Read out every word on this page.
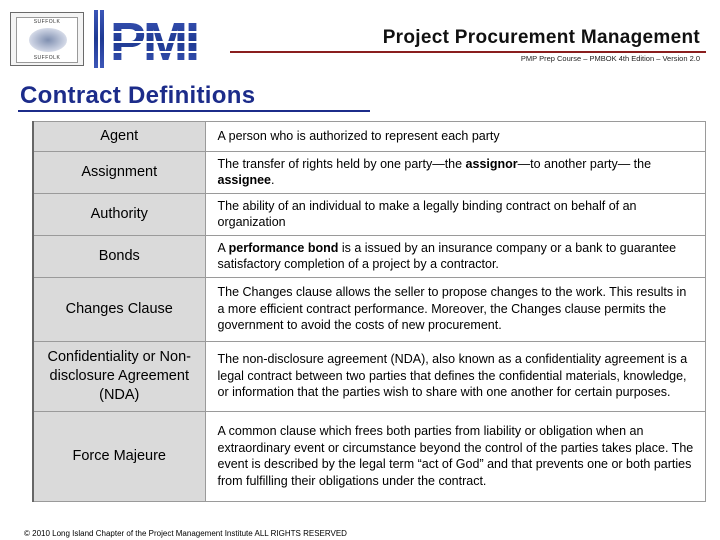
SUFFOLK
SUFFOLK PMI	Project Procurement Management
PMP Prep Course – PMBOK 4th Edition – Version 2.0
Contract Definitions
Agent	A person who is authorized to represent each party
Assignment	The transfer of rights held by one party—the assignor—to another party— the assignee.
Authority	The ability of an individual to make a legally binding contract on behalf of an organization
Bonds	A performance bond is a issued by an insurance company or a bank to guarantee satisfactory completion of a project by a contractor.
Changes Clause	The Changes clause allows the seller to propose changes to the work. This results in a more efficient contract performance. Moreover, the Changes clause permits the government to avoid the costs of new procurement.
Confidentiality or Non-disclosure Agreement (NDA)	The non-disclosure agreement (NDA), also known as a confidentiality agreement is a legal contract between two parties that defines the confidential materials, knowledge, or information that the parties wish to share with one another for certain purposes.
Force Majeure	A common clause which frees both parties from liability or obligation when an extraordinary event or circumstance beyond the control of the parties takes place. The event is described by the legal term “act of God” and that prevents one or both parties from fulfilling their obligations under the contract.
© 2010 Long Island Chapter of the Project Management Institute ALL RIGHTS RESERVED
